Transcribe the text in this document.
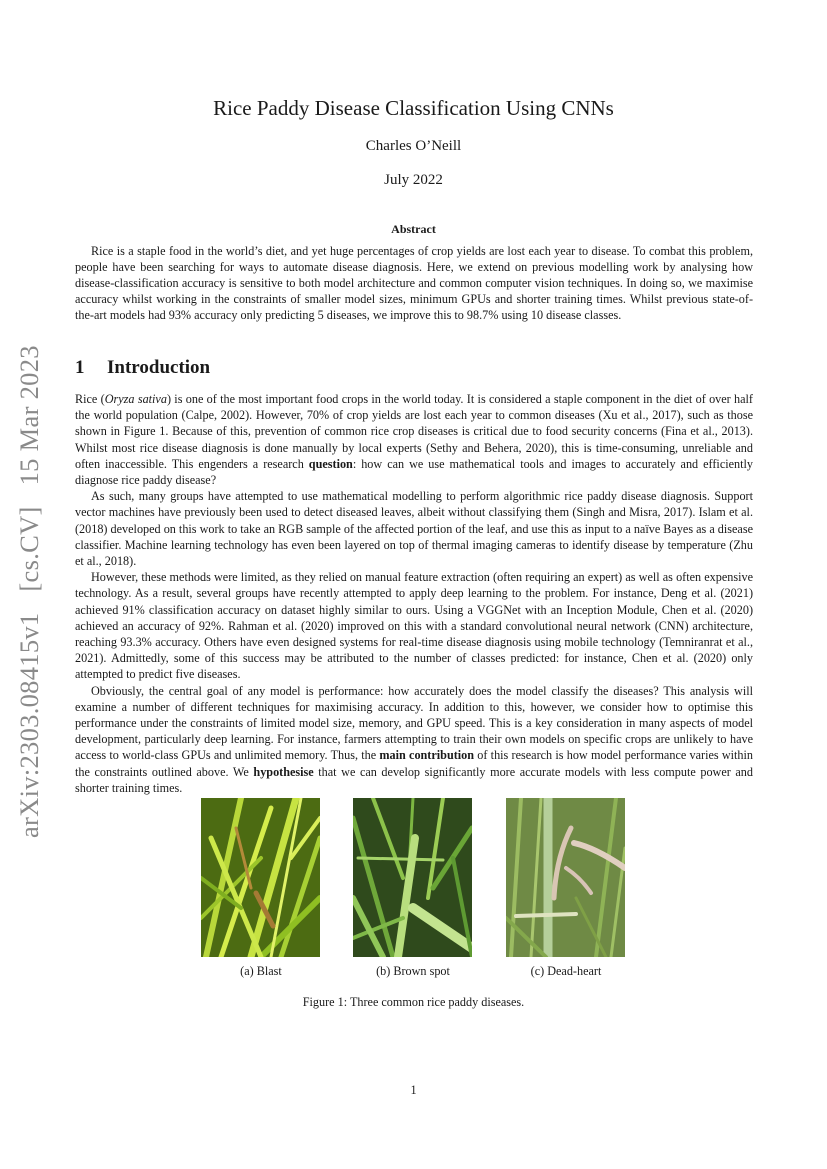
arXiv:2303.08415v1 [cs.CV] 15 Mar 2023
Rice Paddy Disease Classification Using CNNs
Charles O’Neill
July 2022
Abstract
Rice is a staple food in the world’s diet, and yet huge percentages of crop yields are lost each year to disease. To combat this problem, people have been searching for ways to automate disease diagnosis. Here, we extend on previous modelling work by analysing how disease-classification accuracy is sensitive to both model architecture and common computer vision techniques. In doing so, we maximise accuracy whilst working in the constraints of smaller model sizes, minimum GPUs and shorter training times. Whilst previous state-of-the-art models had 93% accuracy only predicting 5 diseases, we improve this to 98.7% using 10 disease classes.
1 Introduction

Rice (Oryza sativa) is one of the most important food crops in the world today. It is considered a staple component in the diet of over half the world population (Calpe, 2002). However, 70% of crop yields are lost each year to common diseases (Xu et al., 2017), such as those shown in Figure 1. Because of this, prevention of common rice crop diseases is critical due to food security concerns (Fina et al., 2013). Whilst most rice disease diagnosis is done manually by local experts (Sethy and Behera, 2020), this is time-consuming, unreliable and often inaccessible. This engenders a research question: how can we use mathematical tools and images to accurately and efficiently diagnose rice paddy disease?

As such, many groups have attempted to use mathematical modelling to perform algorithmic rice paddy disease diagnosis. Support vector machines have previously been used to detect diseased leaves, albeit without classifying them (Singh and Misra, 2017). Islam et al. (2018) developed on this work to take an RGB sample of the affected portion of the leaf, and use this as input to a naïve Bayes as a disease classifier. Machine learning technology has even been layered on top of thermal imaging cameras to identify disease by temperature (Zhu et al., 2018).

However, these methods were limited, as they relied on manual feature extraction (often requiring an expert) as well as often expensive technology. As a result, several groups have recently attempted to apply deep learning to the problem. For instance, Deng et al. (2021) achieved 91% classification accuracy on dataset highly similar to ours. Using a VGGNet with an Inception Module, Chen et al. (2020) achieved an accuracy of 92%. Rahman et al. (2020) improved on this with a standard convolutional neural network (CNN) architecture, reaching 93.3% accuracy. Others have even designed systems for real-time disease diagnosis using mobile technology (Temniranrat et al., 2021). Admittedly, some of this success may be attributed to the number of classes predicted: for instance, Chen et al. (2020) only attempted to predict five diseases.

Obviously, the central goal of any model is performance: how accurately does the model classify the diseases? This analysis will examine a number of different techniques for maximising accuracy. In addition to this, however, we consider how to optimise this performance under the constraints of limited model size, memory, and GPU speed. This is a key consideration in many aspects of model development, particularly deep learning. For instance, farmers attempting to train their own models on specific crops are unlikely to have access to world-class GPUs and unlimited memory. Thus, the main contribution of this research is how model performance varies within the constraints outlined above. We hypothesise that we can develop significantly more accurate models with less compute power and shorter training times.

(a) Blast	(b) Brown spot	(c) Dead-heart
Figure 1: Three common rice paddy diseases.
1
